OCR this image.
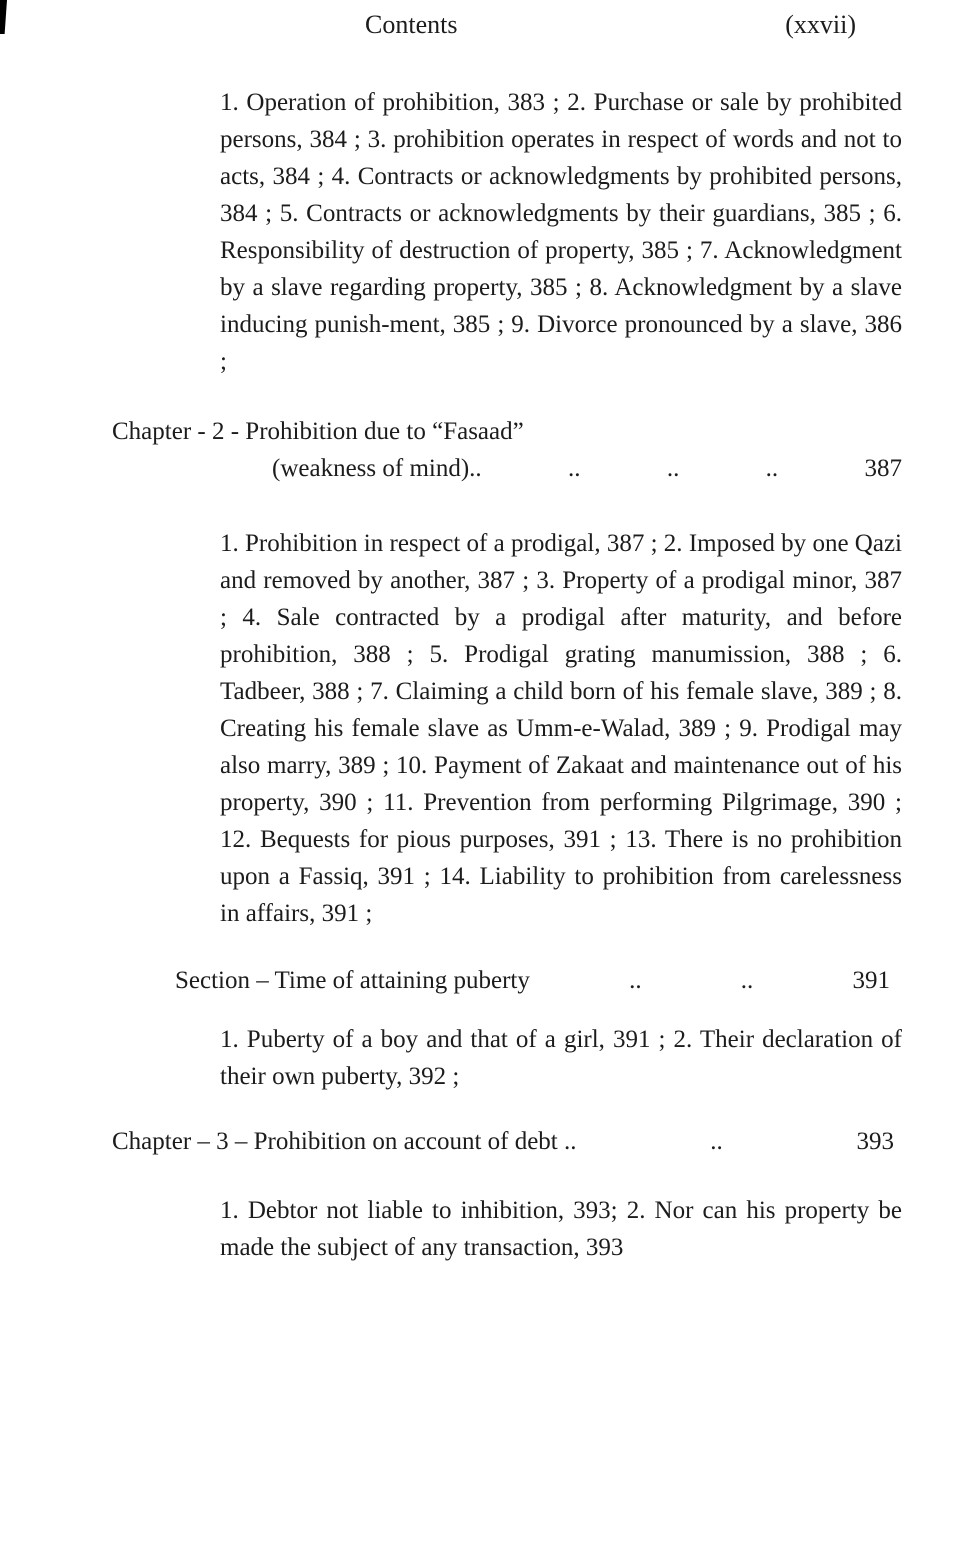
Contents	(xxvii)

1. Operation of prohibition, 383 ; 2. Purchase or sale by prohibited persons, 384 ; 3. prohibition operates in respect of words and not to acts, 384 ; 4. Contracts or acknowledgments by prohibited persons, 384 ; 5. Contracts or acknowledgments by their guardians, 385 ; 6. Responsibility of destruction of property, 385 ; 7. Acknowledgment by a slave regarding property, 385 ; 8. Acknowledgment by a slave inducing punish-ment, 385 ; 9. Divorce pronounced by a slave, 386 ;

Chapter - 2 - Prohibition due to “Fasaad”
(weakness of mind)..	..	..	..	387

1. Prohibition in respect of a prodigal, 387 ; 2. Imposed by one Qazi and removed by another, 387 ; 3. Property of a prodigal minor, 387 ; 4. Sale contracted by a prodigal after maturity, and before prohibition, 388 ; 5. Prodigal grating manumission, 388 ; 6. Tadbeer, 388 ; 7. Claiming a child born of his female slave, 389 ; 8. Creating his female slave as Umm-e-Walad, 389 ; 9. Prodigal may also marry, 389 ; 10. Payment of Zakaat and maintenance out of his property, 390 ; 11. Prevention from performing Pilgrimage, 390 ; 12. Bequests for pious purposes, 391 ; 13. There is no prohibition upon a Fassiq, 391 ; 14. Liability to prohibition from carelessness in affairs, 391 ;

Section – Time of attaining puberty	..	..	391

1. Puberty of a boy and that of a girl, 391 ; 2. Their declaration of their own puberty, 392 ;

Chapter – 3 – Prohibition on account of debt ..	..	393

1. Debtor not liable to inhibition, 393; 2. Nor can his property be made the subject of any transaction, 393
